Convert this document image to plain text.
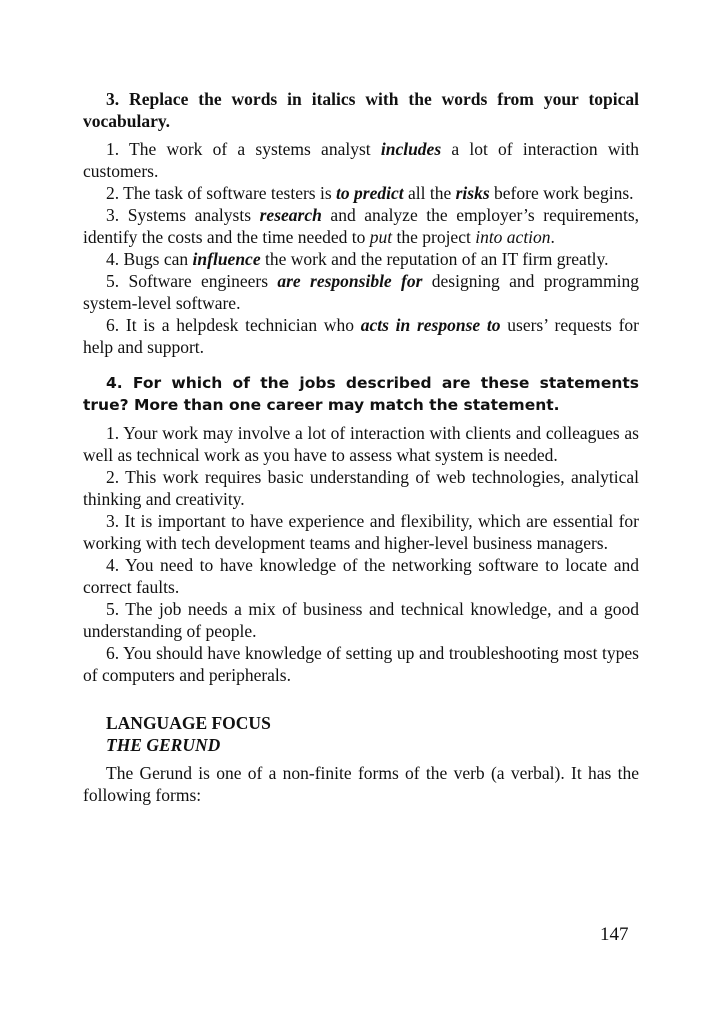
3. Replace the words in italics with the words from your topical vocabulary.

1. The work of a systems analyst includes a lot of interaction with customers.

2. The task of software testers is to predict all the risks before work begins.

3. Systems analysts research and analyze the employer’s requirements, identify the costs and the time needed to put the project into action.

4. Bugs can influence the work and the reputation of an IT firm greatly.

5. Software engineers are responsible for designing and programming system-level software.

6. It is a helpdesk technician who acts in response to users’ requests for help and support.

4. For which of the jobs described are these statements true? More than one career may match the statement.

1. Your work may involve a lot of interaction with clients and colleagues as well as technical work as you have to assess what system is needed.

2. This work requires basic understanding of web technologies, analytical thinking and creativity.

3. It is important to have experience and flexibility, which are essential for working with tech development teams and higher-level business managers.

4. You need to have knowledge of the networking software to locate and correct faults.

5. The job needs a mix of business and technical knowledge, and a good understanding of people.

6. You should have knowledge of setting up and troubleshooting most types of computers and peripherals.

LANGUAGE FOCUS

THE GERUND

The Gerund is one of a non-finite forms of the verb (a verbal). It has the following forms:

147
